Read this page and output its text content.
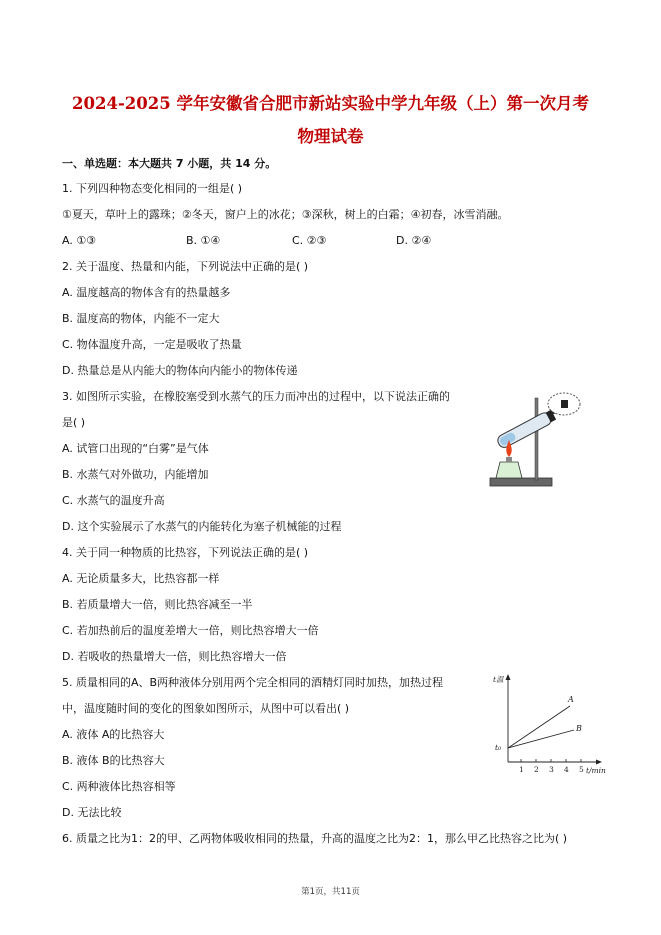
2024-2025 学年安徽省合肥市新站实验中学九年级（上）第一次月考
物理试卷
一、单选题：本大题共 7 小题，共 14 分。
1. 下列四种物态变化相同的一组是( )
①夏天，草叶上的露珠；②冬天，窗户上的冰花；③深秋，树上的白霜；④初春，冰雪消融。
A. ①③	B. ①④	C. ②③	D. ②④
2. 关于温度、热量和内能，下列说法中正确的是( )
A. 温度越高的物体含有的热量越多
B. 温度高的物体，内能不一定大
C. 物体温度升高，一定是吸收了热量
D. 热量总是从内能大的物体向内能小的物体传递
3. 如图所示实验，在橡胶塞受到水蒸气的压力而冲出的过程中，以下说法正确的
是( )
A. 试管口出现的“白雾”是气体
B. 水蒸气对外做功，内能增加
C. 水蒸气的温度升高
D. 这个实验展示了水蒸气的内能转化为塞子机械能的过程
4. 关于同一种物质的比热容，下列说法正确的是( )
A. 无论质量多大，比热容都一样
B. 若质量增大一倍，则比热容减至一半
C. 若加热前后的温度差增大一倍，则比热容增大一倍
D. 若吸收的热量增大一倍，则比热容增大一倍
5. 质量相同的A、B两种液体分别用两个完全相同的酒精灯同时加热，加热过程
中，温度随时间的变化的图象如图所示，从图中可以看出( )
A. 液体 A的比热容大
B. 液体 B的比热容大
C. 两种液体比热容相等
D. 无法比较
t温
t/min
t₀
1 2 3 4 5
A
B
6. 质量之比为1：2的甲、乙两物体吸收相同的热量，升高的温度之比为2：1，那么甲乙比热容之比为( )
第1页，共11页
